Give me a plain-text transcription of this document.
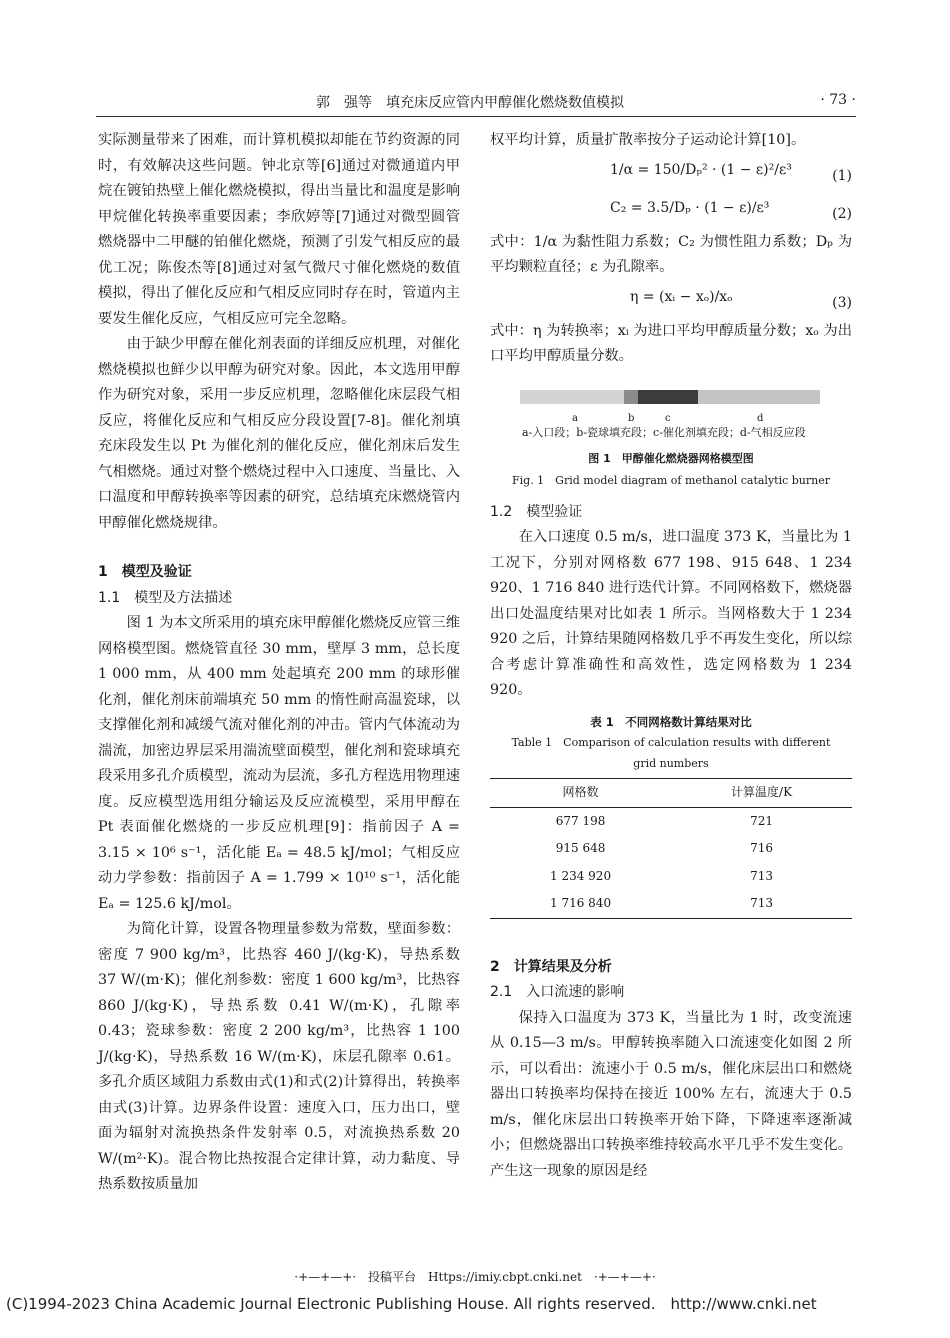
郭　强等　填充床反应管内甲醇催化燃烧数值模拟	· 73 ·

实际测量带来了困难，而计算机模拟却能在节约资源的同时，有效解决这些问题。钟北京等[6]通过对微通道内甲烷在镀铂热壁上催化燃烧模拟，得出当量比和温度是影响甲烷催化转换率重要因素；李欣婷等[7]通过对微型圆管燃烧器中二甲醚的铂催化燃烧，预测了引发气相反应的最优工况；陈俊杰等[8]通过对氢气微尺寸催化燃烧的数值模拟，得出了催化反应和气相反应同时存在时，管道内主要发生催化反应，气相反应可完全忽略。

由于缺少甲醇在催化剂表面的详细反应机理，对催化燃烧模拟也鲜少以甲醇为研究对象。因此，本文选用甲醇作为研究对象，采用一步反应机理，忽略催化床层段气相反应，将催化反应和气相反应分段设置[7-8]。催化剂填充床段发生以 Pt 为催化剂的催化反应，催化剂床后发生气相燃烧。通过对整个燃烧过程中入口速度、当量比、入口温度和甲醇转换率等因素的研究，总结填充床燃烧管内甲醇催化燃烧规律。

1　模型及验证

1.1　模型及方法描述

图 1 为本文所采用的填充床甲醇催化燃烧反应管三维网格模型图。燃烧管直径 30 mm，壁厚 3 mm，总长度 1 000 mm，从 400 mm 处起填充 200 mm 的球形催化剂，催化剂床前端填充 50 mm 的惰性耐高温瓷球，以支撑催化剂和减缓气流对催化剂的冲击。管内气体流动为湍流，加密边界层采用湍流壁面模型，催化剂和瓷球填充段采用多孔介质模型，流动为层流，多孔方程选用物理速度。反应模型选用组分输运及反应流模型，采用甲醇在 Pt 表面催化燃烧的一步反应机理[9]：指前因子 A = 3.15 × 10⁶ s⁻¹，活化能 Eₐ = 48.5 kJ/mol；气相反应动力学参数：指前因子 A = 1.799 × 10¹⁰ s⁻¹，活化能 Eₐ = 125.6 kJ/mol。

为简化计算，设置各物理量参数为常数，壁面参数：密度 7 900 kg/m³，比热容 460 J/(kg·K)，导热系数 37 W/(m·K)；催化剂参数：密度 1 600 kg/m³，比热容 860 J/(kg·K)，导热系数 0.41 W/(m·K)，孔隙率 0.43；瓷球参数：密度 2 200 kg/m³，比热容 1 100 J/(kg·K)，导热系数 16 W/(m·K)，床层孔隙率 0.61。多孔介质区域阻力系数由式(1)和式(2)计算得出，转换率由式(3)计算。边界条件设置：速度入口，压力出口，壁面为辐射对流换热条件发射率 0.5，对流换热系数 20 W/(m²·K)。混合物比热按混合定律计算，动力黏度、导热系数按质量加

权平均计算，质量扩散率按分子运动论计算[10]。

1/α = 150/Dₚ² · (1 − ε)²/ε³	(1)
C₂ = 3.5/Dₚ · (1 − ε)/ε³	(2)

式中：1/α 为黏性阻力系数；C₂ 为惯性阻力系数；Dₚ 为平均颗粒直径；ε 为孔隙率。

η = (xᵢ − xₒ)/xₒ	(3)

式中：η 为转换率；xᵢ 为进口平均甲醇质量分数；xₒ 为出口平均甲醇质量分数。

a	b	c	d
a-入口段；b-瓷球填充段；c-催化剂填充段；d-气相反应段
图 1　甲醇催化燃烧器网格模型图
Fig. 1　Grid model diagram of methanol catalytic burner

1.2　模型验证

在入口速度 0.5 m/s，进口温度 373 K，当量比为 1 工况下，分别对网格数 677 198、915 648、1 234 920、1 716 840 进行迭代计算。不同网格数下，燃烧器出口处温度结果对比如表 1 所示。当网格数大于 1 234 920 之后，计算结果随网格数几乎不再发生变化，所以综合考虑计算准确性和高效性，选定网格数为 1 234 920。

表 1　不同网格数计算结果对比
Table 1　Comparison of calculation results with different grid numbers
网格数	计算温度/K
677 198	721
915 648	716
1 234 920	713
1 716 840	713

2　计算结果及分析

2.1　入口流速的影响

保持入口温度为 373 K，当量比为 1 时，改变流速从 0.15—3 m/s。甲醇转换率随入口流速变化如图 2 所示，可以看出：流速小于 0.5 m/s，催化床层出口和燃烧器出口转换率均保持在接近 100% 左右，流速大于 0.5 m/s，催化床层出口转换率开始下降，下降速率逐渐减小；但燃烧器出口转换率维持较高水平几乎不发生变化。产生这一现象的原因是经

·+—+—+·　投稿平台　Https://imiy.cbpt.cnki.net　·+—+—+·
(C)1994-2023 China Academic Journal Electronic Publishing House. All rights reserved.　http://www.cnki.net
